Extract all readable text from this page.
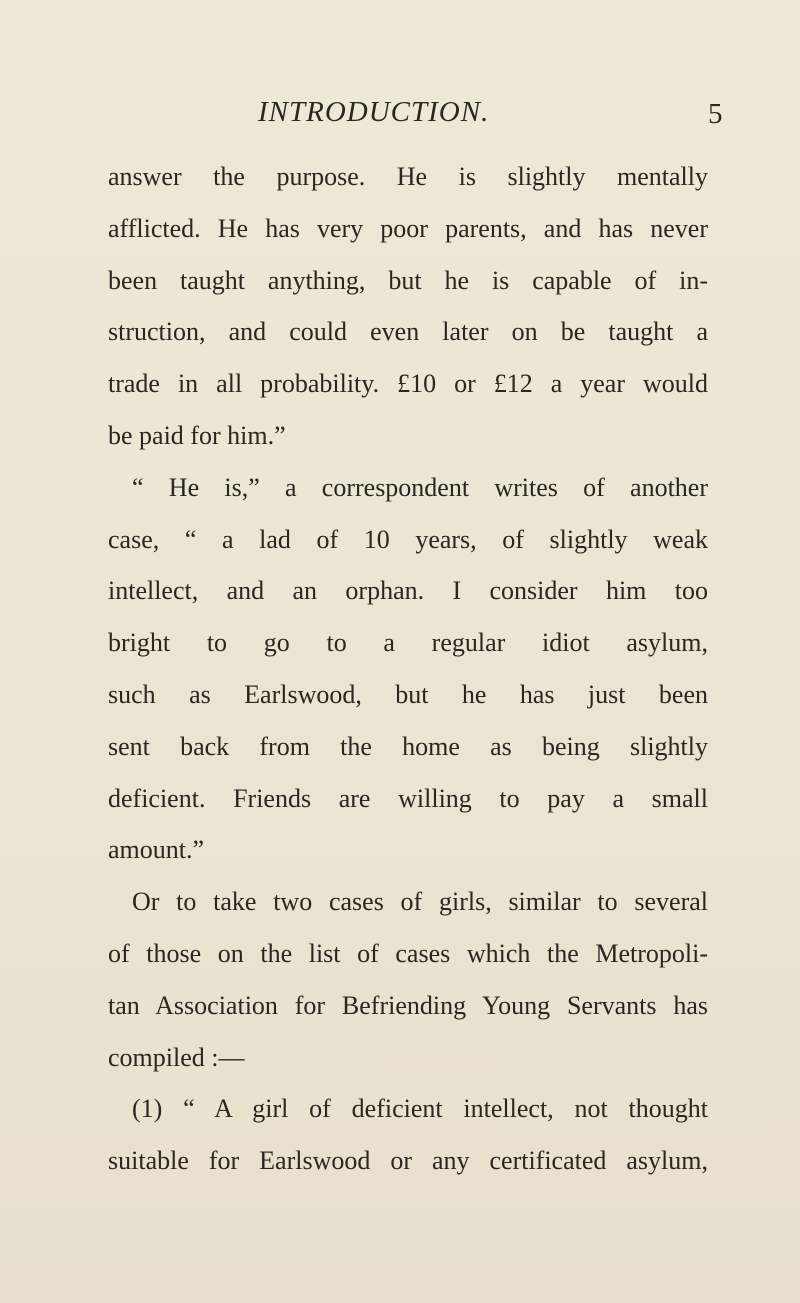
INTRODUCTION.	5
answer the purpose. He is slightly mentally
afflicted. He has very poor parents, and has never
been taught anything, but he is capable of in-
struction, and could even later on be taught a
trade in all probability. £10 or £12 a year would
be paid for him.”
“ He is,” a correspondent writes of another
case, “ a lad of 10 years, of slightly weak
intellect, and an orphan. I consider him too
bright to go to a regular idiot asylum,
such as Earlswood, but he has just been
sent back from the home as being slightly
deficient. Friends are willing to pay a small
amount.”
Or to take two cases of girls, similar to several
of those on the list of cases which the Metropoli-
tan Association for Befriending Young Servants has
compiled :—
(1) “ A girl of deficient intellect, not thought
suitable for Earlswood or any certificated asylum,
